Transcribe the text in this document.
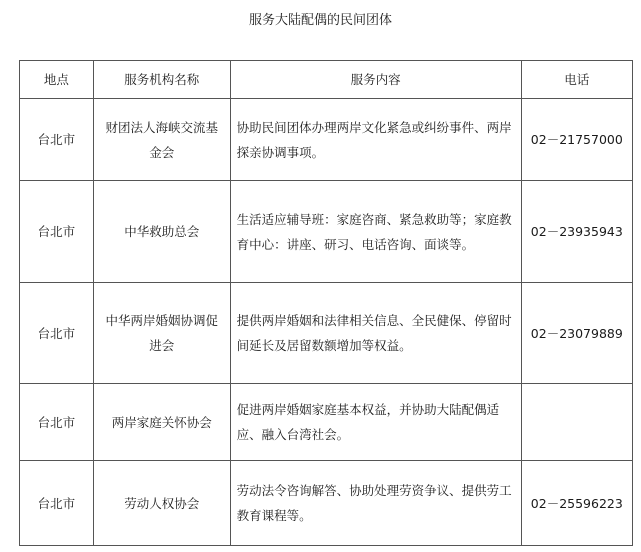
服务大陆配偶的民间团体
地点	服务机构名称	服务内容	电话
台北市	财团法人海峡交流基金会	协助民间团体办理两岸文化紧急或纠纷事件、两岸探亲协调事项。	02－21757000
台北市	中华救助总会	生活适应辅导班：家庭咨商、紧急救助等；家庭教育中心：讲座、研习、电话咨询、面谈等。	02－23935943
台北市	中华两岸婚姻协调促进会	提供两岸婚姻和法律相关信息、全民健保、停留时间延长及居留数额增加等权益。	02－23079889
台北市	两岸家庭关怀协会	促进两岸婚姻家庭基本权益，并协助大陆配偶适应、融入台湾社会。	
台北市	劳动人权协会	劳动法令咨询解答、协助处理劳资争议、提供劳工教育课程等。	02－25596223
